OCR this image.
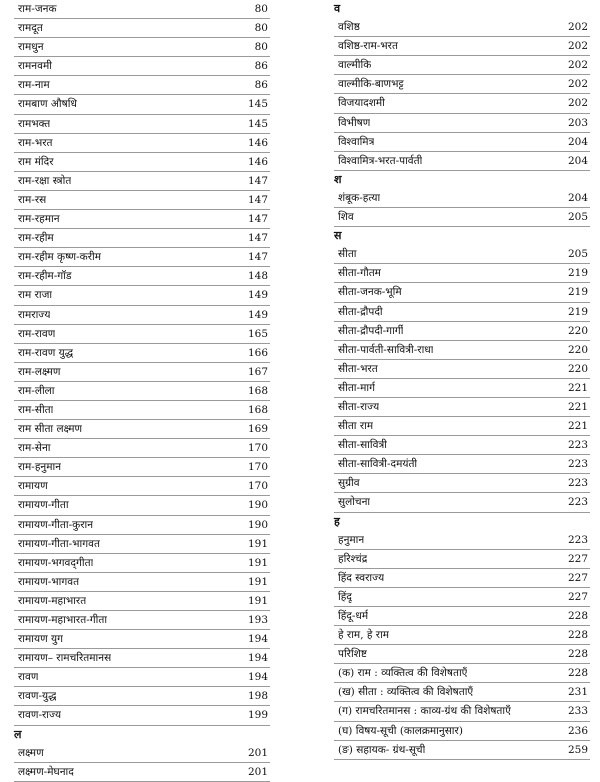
राम-जनक	80
रामदूत	80
रामधुन	80
रामनवमी	86
राम-नाम	86
रामबाण औषधि	145
रामभक्त	145
राम-भरत	146
राम मंदिर	146
राम-रक्षा स्त्रोत	147
राम-रस	147
राम-रहमान	147
राम-रहीम	147
राम-रहीम कृष्ण-करीम	147
राम-रहीम-गॉड	148
राम राजा	149
रामराज्य	149
राम-रावण	165
राम-रावण युद्ध	166
राम-लक्ष्मण	167
राम-लीला	168
राम-सीता	168
राम सीता लक्ष्मण	169
राम-सेना	170
राम-हनुमान	170
रामायण	170
रामायण-गीता	190
रामायण-गीता-कुरान	190
रामायण-गीता-भागवत	191
रामायण-भगवद्‌गीता	191
रामायण-भागवत	191
रामायण-महाभारत	191
रामायण-महाभारत-गीता	193
रामायण युग	194
रामायण– रामचरितमानस	194
रावण	194
रावण-युद्ध	198
रावण-राज्य	199
ल
लक्ष्मण	201
लक्ष्मण-मेघनाद	201
व
वशिष्ठ	202
वशिष्ठ-राम-भरत	202
वाल्मीकि	202
वाल्मीकि-बाणभट्ट	202
विजयादशमी	202
विभीषण	203
विश्वामित्र	204
विश्वामित्र-भरत-पार्वती	204
श
शंबूक-हत्या	204
शिव	205
स
सीता	205
सीता-गौतम	219
सीता-जनक-भूमि	219
सीता-द्रौपदी	219
सीता-द्रौपदी-गार्गी	220
सीता-पार्वती-सावित्री-राधा	220
सीता-भरत	220
सीता-मार्ग	221
सीता-राज्य	221
सीता राम	221
सीता-सावित्री	223
सीता-सावित्री-दमयंती	223
सुग्रीव	223
सुलोचना	223
ह
हनुमान	223
हरिश्चंद्र	227
हिंद स्वराज्य	227
हिंदू	227
हिंदू-धर्म	228
हे राम, हे राम	228
परिशिष्ट	228
(क) राम : व्यक्तित्व की विशेषताएँ	228
(ख) सीता : व्यक्तित्व की विशेषताएँ	231
(ग) रामचरितमानस : काव्य-ग्रंथ की विशेषताएँ	233
(घ) विषय-सूची (कालक्रमानुसार)	236
(ङ) सहायक- ग्रंथ-सूची	259
